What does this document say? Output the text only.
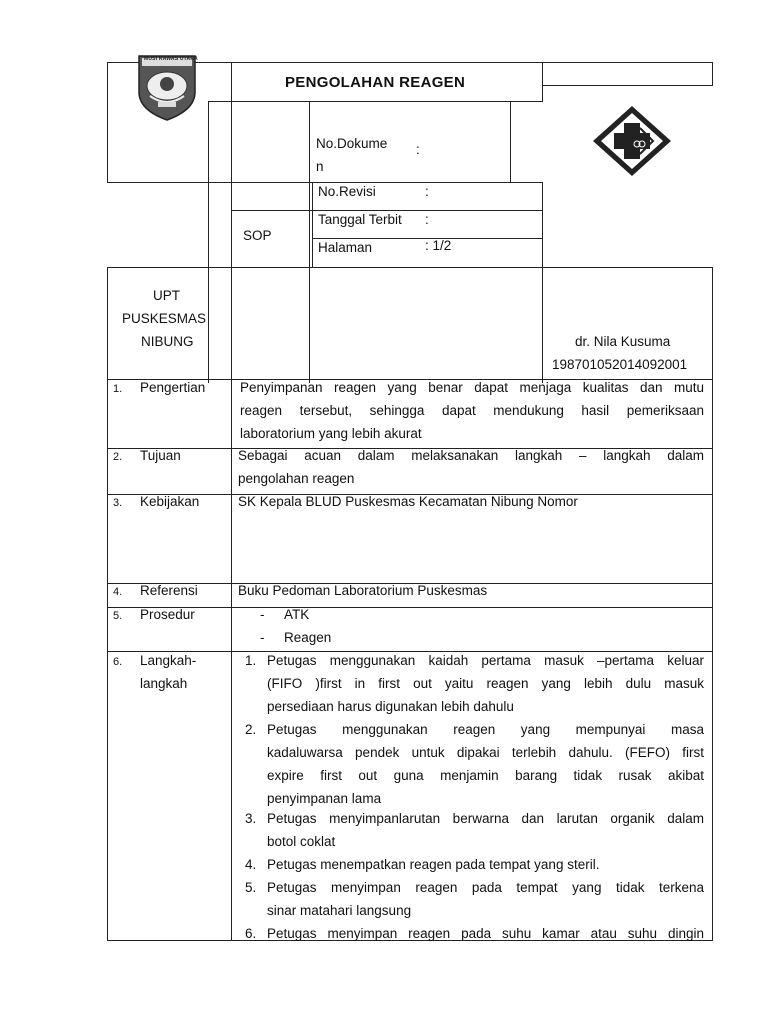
MUSI RAWAS UTARA
PENGOLAHAN REAGEN
No.Dokume
n
:
No.Revisi	:
Tanggal Terbit :
Halaman	: 1/2
SOP
UPT
PUSKESMAS
NIBUNG	dr. Nila Kusuma
198701052014092001
1. Pengertian	Penyimpanan reagen yang benar dapat menjaga kualitas dan mutu
reagen tersebut, sehingga dapat mendukung hasil pemeriksaan
laboratorium yang lebih akurat
2. Tujuan	Sebagai acuan dalam melaksanakan langkah – langkah dalam
pengolahan reagen
3. Kebijakan	SK Kepala BLUD Puskesmas Kecamatan Nibung Nomor
4. Referensi	Buku Pedoman Laboratorium Puskesmas
5. Prosedur	- ATK
- Reagen
6. Langkah-
langkah
1. Petugas menggunakan kaidah pertama masuk –pertama keluar
(FIFO )first in first out yaitu reagen yang lebih dulu masuk
persediaan harus digunakan lebih dahulu
2. Petugas menggunakan reagen yang mempunyai masa
kadaluwarsa pendek untuk dipakai terlebih dahulu. (FEFO) first
expire first out guna menjamin barang tidak rusak akibat
penyimpanan lama
3. Petugas menyimpanlarutan berwarna dan larutan organik dalam
botol coklat
4. Petugas menempatkan reagen pada tempat yang steril.
5. Petugas menyimpan reagen pada tempat yang tidak terkena
sinar matahari langsung
6. Petugas menyimpan reagen pada suhu kamar atau suhu dingin
